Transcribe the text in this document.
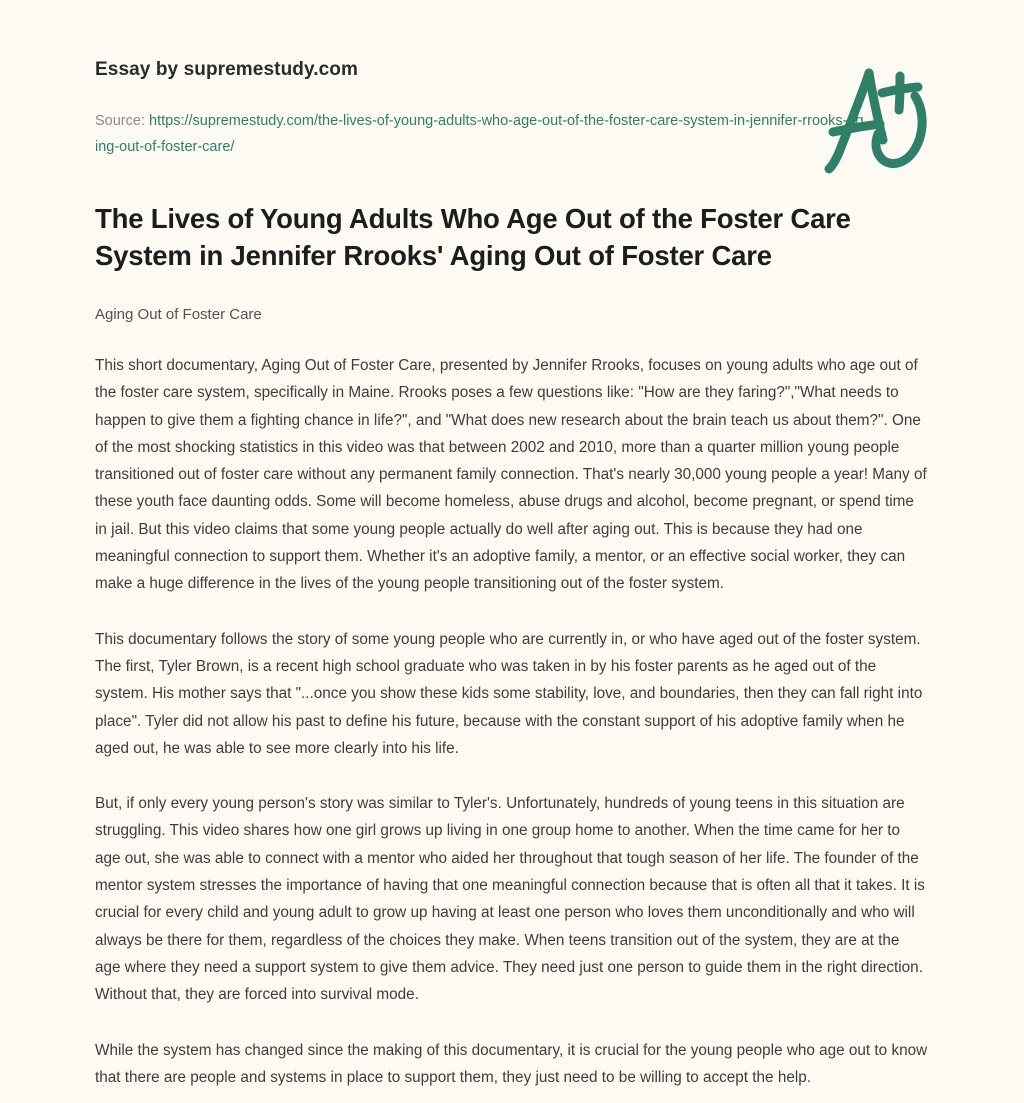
Essay by supremestudy.com
Source: https://supremestudy.com/the-lives-of-young-adults-who-age-out-of-the-foster-care-system-in-jennifer-rrooks-aging-out-of-foster-care/
The Lives of Young Adults Who Age Out of the Foster Care System in Jennifer Rrooks' Aging Out of Foster Care
Aging Out of Foster Care

This short documentary, Aging Out of Foster Care, presented by Jennifer Rrooks, focuses on young adults who age out of the foster care system, specifically in Maine. Rrooks poses a few questions like: "How are they faring?","What needs to happen to give them a fighting chance in life?", and "What does new research about the brain teach us about them?". One of the most shocking statistics in this video was that between 2002 and 2010, more than a quarter million young people transitioned out of foster care without any permanent family connection. That's nearly 30,000 young people a year! Many of these youth face daunting odds. Some will become homeless, abuse drugs and alcohol, become pregnant, or spend time in jail. But this video claims that some young people actually do well after aging out. This is because they had one meaningful connection to support them. Whether it's an adoptive family, a mentor, or an effective social worker, they can make a huge difference in the lives of the young people transitioning out of the foster system.

This documentary follows the story of some young people who are currently in, or who have aged out of the foster system. The first, Tyler Brown, is a recent high school graduate who was taken in by his foster parents as he aged out of the system. His mother says that "...once you show these kids some stability, love, and boundaries, then they can fall right into place". Tyler did not allow his past to define his future, because with the constant support of his adoptive family when he aged out, he was able to see more clearly into his life.

But, if only every young person's story was similar to Tyler's. Unfortunately, hundreds of young teens in this situation are struggling. This video shares how one girl grows up living in one group home to another. When the time came for her to age out, she was able to connect with a mentor who aided her throughout that tough season of her life. The founder of the mentor system stresses the importance of having that one meaningful connection because that is often all that it takes. It is crucial for every child and young adult to grow up having at least one person who loves them unconditionally and who will always be there for them, regardless of the choices they make. When teens transition out of the system, they are at the age where they need a support system to give them advice. They need just one person to guide them in the right direction. Without that, they are forced into survival mode.

While the system has changed since the making of this documentary, it is crucial for the young people who age out to know that there are people and systems in place to support them, they just need to be willing to accept the help.
